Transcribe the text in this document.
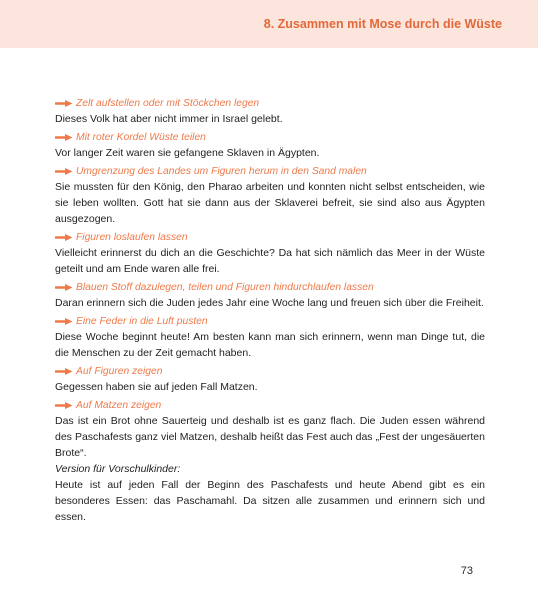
8. Zusammen mit Mose durch die Wüste
Zelt aufstellen oder mit Stöckchen legen
Dieses Volk hat aber nicht immer in Israel gelebt.
Mit roter Kordel Wüste teilen
Vor langer Zeit waren sie gefangene Sklaven in Ägypten.
Umgrenzung des Landes um Figuren herum in den Sand malen
Sie mussten für den König, den Pharao arbeiten und konnten nicht selbst entscheiden, wie sie leben wollten. Gott hat sie dann aus der Sklaverei befreit, sie sind also aus Ägypten ausgezogen.
Figuren loslaufen lassen
Vielleicht erinnerst du dich an die Geschichte? Da hat sich nämlich das Meer in der Wüste geteilt und am Ende waren alle frei.
Blauen Stoff dazulegen, teilen und Figuren hindurchlaufen lassen
Daran erinnern sich die Juden jedes Jahr eine Woche lang und freuen sich über die Freiheit.
Eine Feder in die Luft pusten
Diese Woche beginnt heute! Am besten kann man sich erinnern, wenn man Dinge tut, die die Menschen zu der Zeit gemacht haben.
Auf Figuren zeigen
Gegessen haben sie auf jeden Fall Matzen.
Auf Matzen zeigen
Das ist ein Brot ohne Sauerteig und deshalb ist es ganz flach. Die Juden essen während des Paschafests ganz viel Matzen, deshalb heißt das Fest auch das „Fest der ungesäuerten Brote“.
Version für Vorschulkinder:
Heute ist auf jeden Fall der Beginn des Paschafests und heute Abend gibt es ein besonderes Essen: das Paschamahl. Da sitzen alle zusammen und erinnern sich und essen.
73
